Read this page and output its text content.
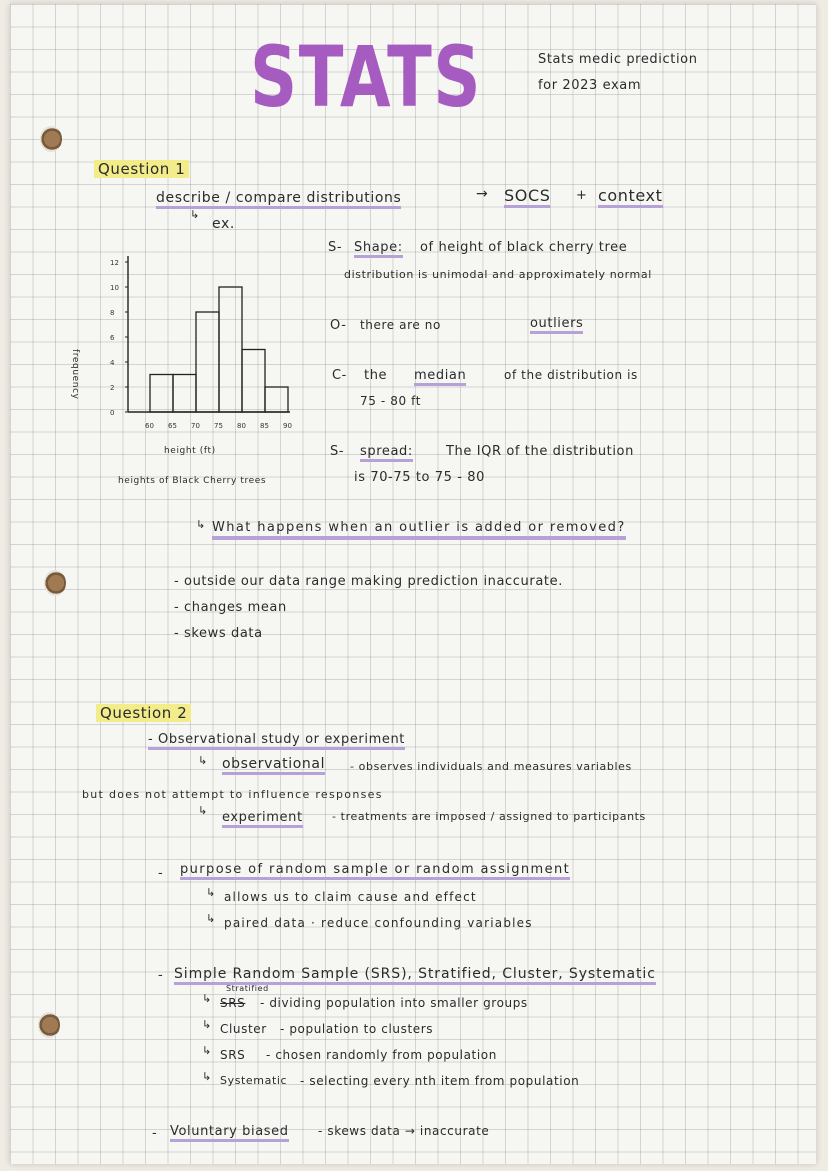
STATS	Stats medic prediction
for 2023 exam
Question 1
describe / compare distributions	→ SOCS + context
↳
ex.
0
2
4
6
8
10
12
60 65 70 75 80 85 90
height (ft)
frequency
heights of Black Cherry trees
S- Shape: of height of black cherry tree
distribution is unimodal and approximately normal
O- there are no	outliers
C- the median	of the distribution is
75 - 80 ft
S- spread:	The IQR of the distribution
is 70-75 to 75 - 80
↳ What happens when an outlier is added or removed?
- outside our data range making prediction inaccurate.
- changes mean
- skews data
Question 2
- Observational study or experiment
↳ observational - observes individuals and measures variables
but does not attempt to influence responses
↳ experiment	- treatments are imposed / assigned to participants
- purpose of random sample or random assignment
↳ allows us to claim cause and effect
↳ paired data · reduce confounding variables
- Simple Random Sample (SRS), Stratified, Cluster, Systematic
Stratified
↳ SRS - dividing population into smaller groups
↳ Cluster - population to clusters
↳ SRS - chosen randomly from population
↳ Systematic - selecting every nth item from population
- Voluntary biased - skews data → inaccurate
